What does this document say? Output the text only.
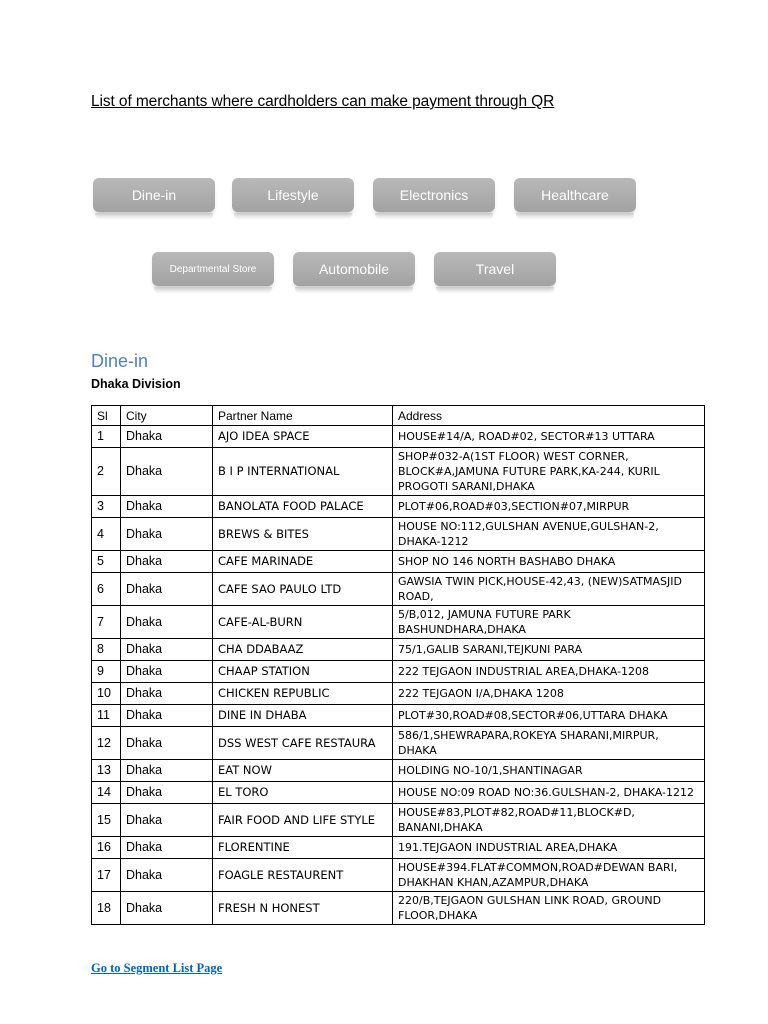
List of merchants where cardholders can make payment through QR
Dine-in	Lifestyle	Electronics	Healthcare
Departmental Store	Automobile	Travel
Dine-in
Dhaka Division
Sl	City	Partner Name	Address
1	Dhaka	AJO IDEA SPACE	HOUSE#14/A, ROAD#02, SECTOR#13 UTTARA
2	Dhaka	B I P INTERNATIONAL	SHOP#032-A(1ST FLOOR) WEST CORNER, BLOCK#A,JAMUNA FUTURE PARK,KA-244, KURIL PROGOTI SARANI,DHAKA
3	Dhaka	BANOLATA FOOD PALACE	PLOT#06,ROAD#03,SECTION#07,MIRPUR
4	Dhaka	BREWS & BITES	HOUSE NO:112,GULSHAN AVENUE,GULSHAN-2, DHAKA-1212
5	Dhaka	CAFE MARINADE	SHOP NO 146 NORTH BASHABO DHAKA
6	Dhaka	CAFE SAO PAULO LTD	GAWSIA TWIN PICK,HOUSE-42,43, (NEW)SATMASJID ROAD,
7	Dhaka	CAFE-AL-BURN	5/B,012, JAMUNA FUTURE PARK BASHUNDHARA,DHAKA
8	Dhaka	CHA DDABAAZ	75/1,GALIB SARANI,TEJKUNI PARA
9	Dhaka	CHAAP STATION	222 TEJGAON INDUSTRIAL AREA,DHAKA-1208
10	Dhaka	CHICKEN REPUBLIC	222 TEJGAON I/A,DHAKA 1208
11	Dhaka	DINE IN DHABA	PLOT#30,ROAD#08,SECTOR#06,UTTARA DHAKA
12	Dhaka	DSS WEST CAFE RESTAURA	586/1,SHEWRAPARA,ROKEYA SHARANI,MIRPUR, DHAKA
13	Dhaka	EAT NOW	HOLDING NO-10/1,SHANTINAGAR
14	Dhaka	EL TORO	HOUSE NO:09 ROAD NO:36.GULSHAN-2, DHAKA-1212
15	Dhaka	FAIR FOOD AND LIFE STYLE	HOUSE#83,PLOT#82,ROAD#11,BLOCK#D, BANANI,DHAKA
16	Dhaka	FLORENTINE	191.TEJGAON INDUSTRIAL AREA,DHAKA
17	Dhaka	FOAGLE RESTAURENT	HOUSE#394.FLAT#COMMON,ROAD#DEWAN BARI, DHAKHAN KHAN,AZAMPUR,DHAKA
18	Dhaka	FRESH N HONEST	220/B,TEJGAON GULSHAN LINK ROAD, GROUND FLOOR,DHAKA
Go to Segment List Page
